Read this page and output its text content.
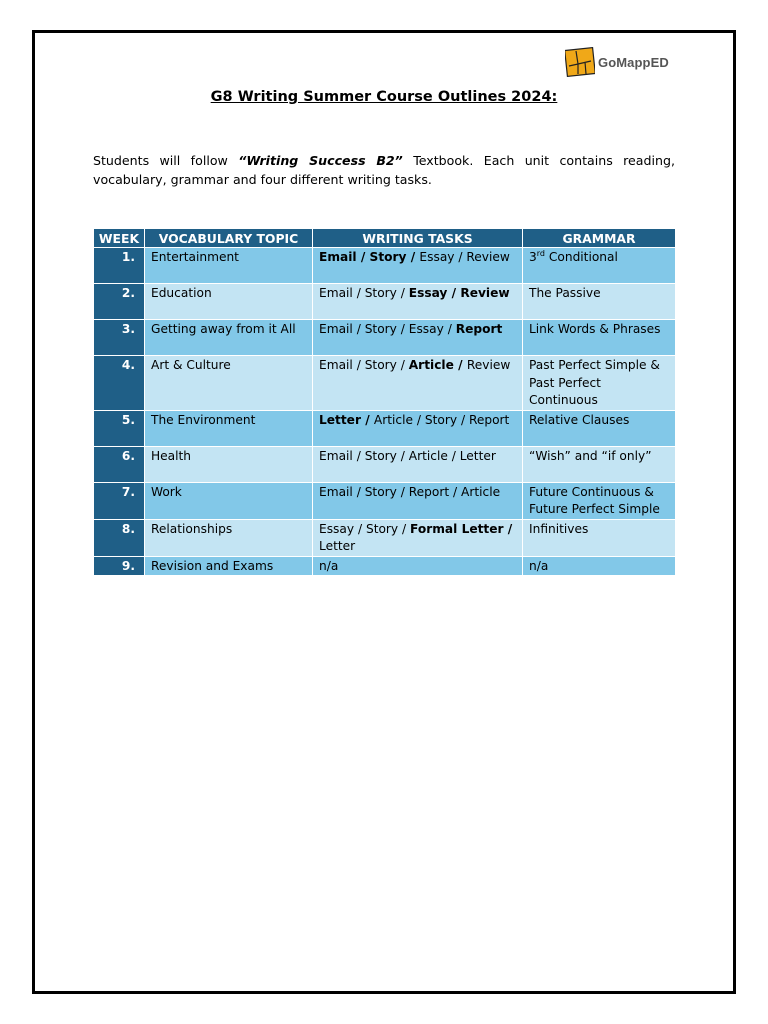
GoMappED
G8 Writing Summer Course Outlines 2024:
Students will follow “Writing Success B2” Textbook. Each unit contains reading, vocabulary, grammar and four different writing tasks.
WEEK	VOCABULARY TOPIC	WRITING TASKS	GRAMMAR
1.	Entertainment	Email / Story / Essay / Review	3rd Conditional
2.	Education	Email / Story / Essay / Review	The Passive
3.	Getting away from it All	Email / Story / Essay / Report	Link Words & Phrases
4.	Art & Culture	Email / Story / Article / Review	Past Perfect Simple & Past Perfect Continuous
5.	The Environment	Letter / Article / Story / Report	Relative Clauses
6.	Health	Email / Story / Article / Letter	“Wish” and “if only”
7.	Work	Email / Story / Report / Article	Future Continuous & Future Perfect Simple
8.	Relationships	Essay / Story / Formal Letter / Letter	Infinitives
9.	Revision and Exams	n/a	n/a
